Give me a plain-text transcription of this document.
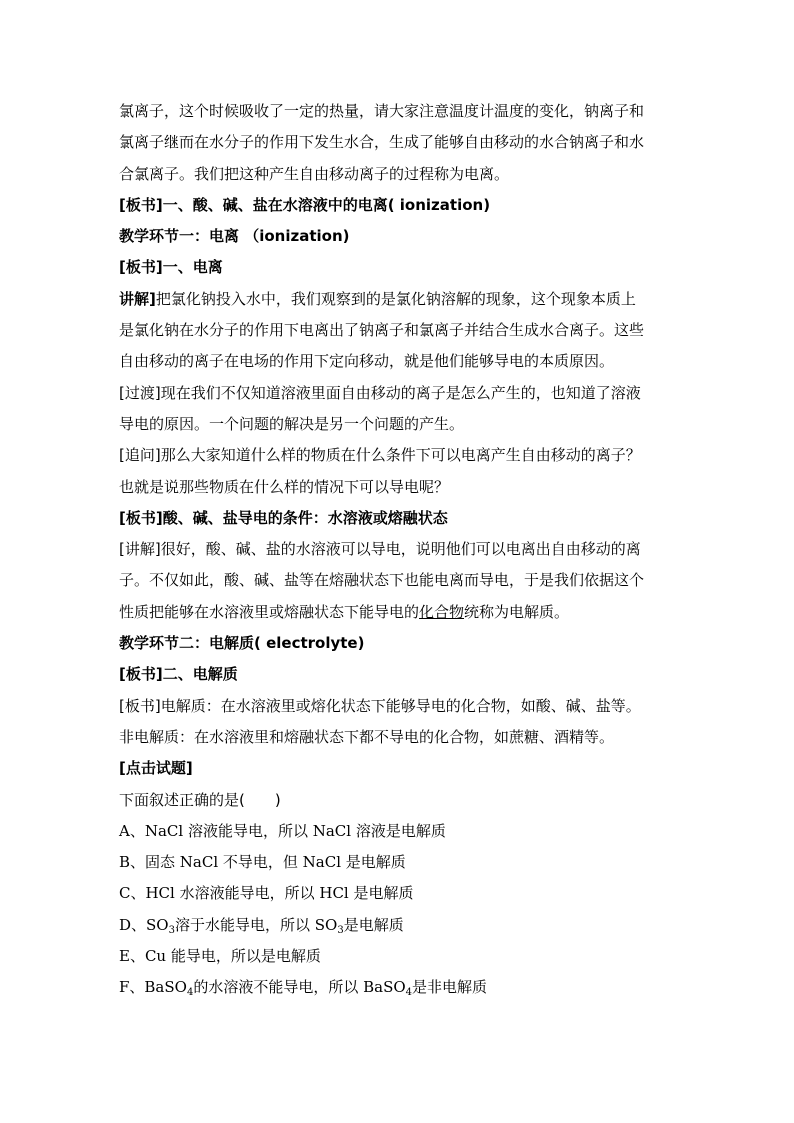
氯离子，这个时候吸收了一定的热量，请大家注意温度计温度的变化，钠离子和
氯离子继而在水分子的作用下发生水合，生成了能够自由移动的水合钠离子和水
合氯离子。我们把这种产生自由移动离子的过程称为电离。
[板书]一、酸、碱、盐在水溶液中的电离( ionization)
教学环节一：电离 （ionization)
[板书]一、电离
讲解]把氯化钠投入水中，我们观察到的是氯化钠溶解的现象，这个现象本质上
是氯化钠在水分子的作用下电离出了钠离子和氯离子并结合生成水合离子。这些
自由移动的离子在电场的作用下定向移动，就是他们能够导电的本质原因。
[过渡]现在我们不仅知道溶液里面自由移动的离子是怎么产生的，也知道了溶液
导电的原因。一个问题的解决是另一个问题的产生。
[追问]那么大家知道什么样的物质在什么条件下可以电离产生自由移动的离子？
也就是说那些物质在什么样的情况下可以导电呢？
[板书]酸、碱、盐导电的条件：水溶液或熔融状态
[讲解]很好，酸、碱、盐的水溶液可以导电，说明他们可以电离出自由移动的离
子。不仅如此，酸、碱、盐等在熔融状态下也能电离而导电，于是我们依据这个
性质把能够在水溶液里或熔融状态下能导电的化合物统称为电解质。
教学环节二：电解质( electrolyte)
[板书]二、电解质
[板书]电解质：在水溶液里或熔化状态下能够导电的化合物，如酸、碱、盐等。
非电解质：在水溶液里和熔融状态下都不导电的化合物，如蔗糖、酒精等。
[点击试题]
下面叙述正确的是(　　)
A、NaCl 溶液能导电，所以 NaCl 溶液是电解质
B、固态 NaCl 不导电，但 NaCl 是电解质
C、HCl 水溶液能导电，所以 HCl 是电解质
D、$SO_3$溶于水能导电，所以 $SO_3$是电解质
E、Cu 能导电，所以是电解质
F、BaSO$_4$的水溶液不能导电，所以 BaSO$_4$是非电解质
